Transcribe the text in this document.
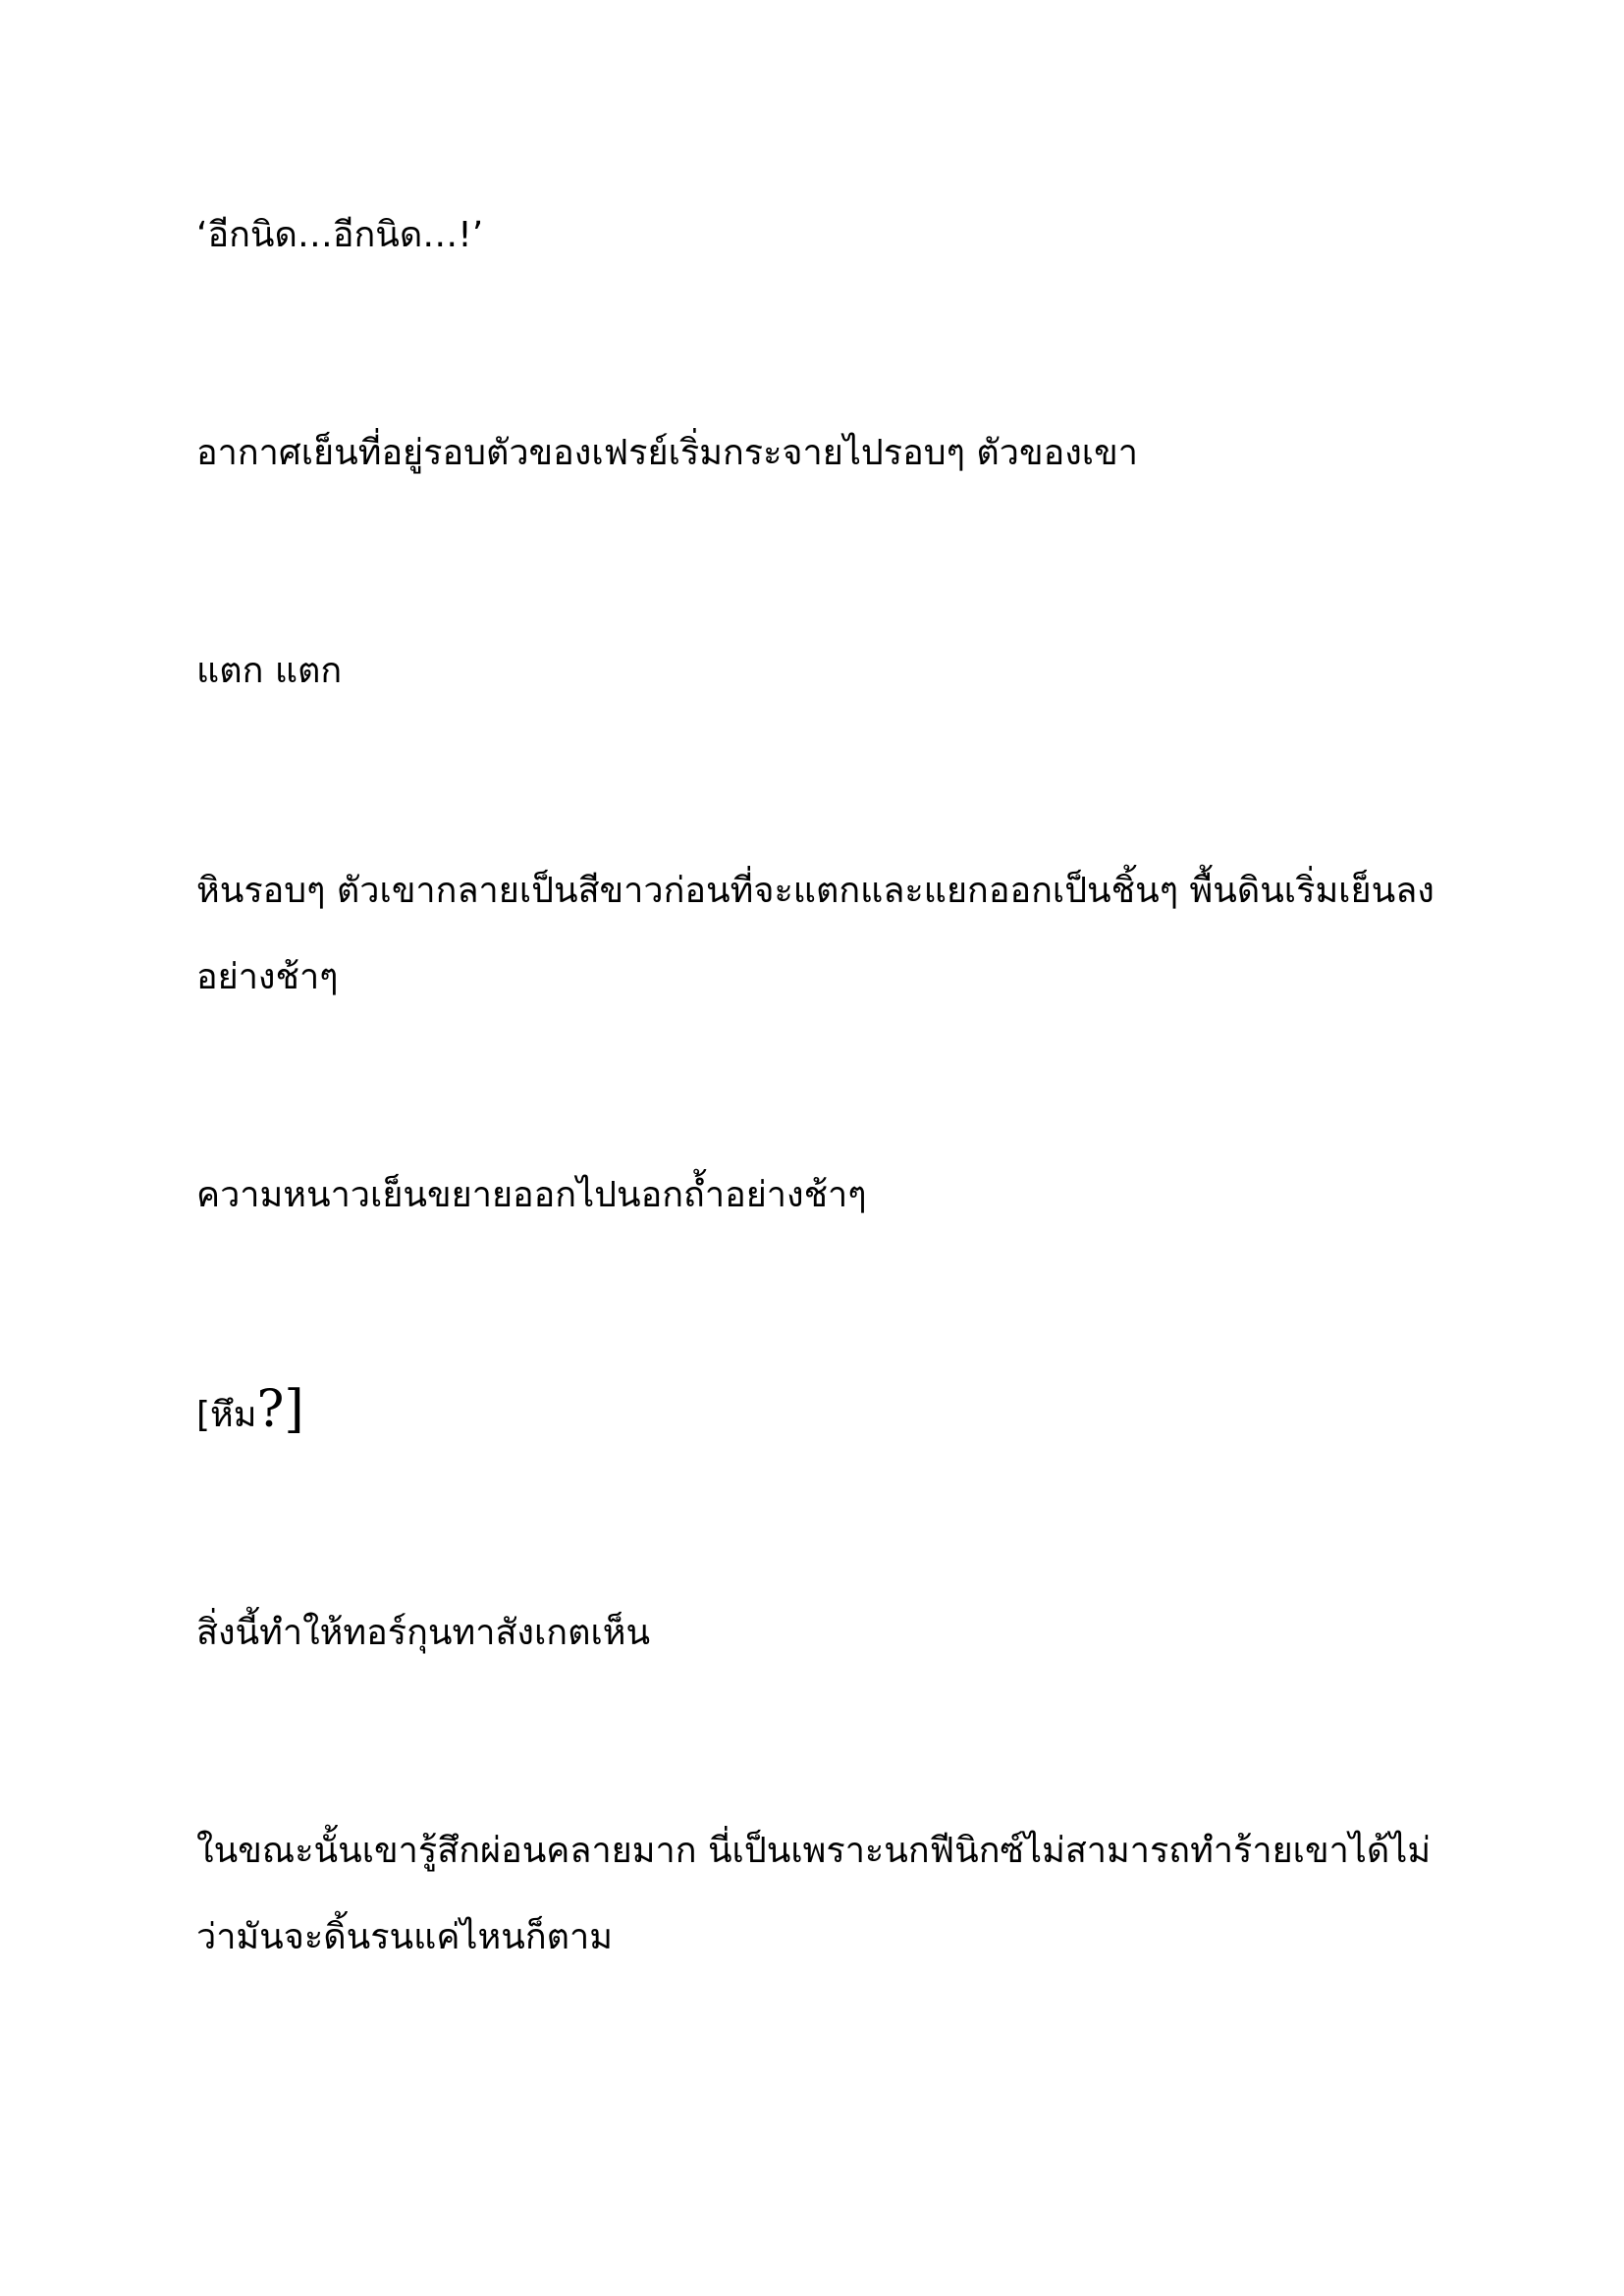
‘อีกนิด…อีกนิด…!’

อากาศเย็นที่อยู่รอบตัวของเฟรย์เริ่มกระจายไปรอบๆ ตัวของเขา

แตก แตก

หินรอบๆ ตัวเขากลายเป็นสีขาวก่อนที่จะแตกและแยกออกเป็นชิ้นๆ พื้นดินเริ่มเย็นลงอย่างช้าๆ

ความหนาวเย็นขยายออกไปนอกถ้ำอย่างช้าๆ

[หึม?]

สิ่งนี้ทำให้ทอร์กุนทาสังเกตเห็น

ในขณะนั้นเขารู้สึกผ่อนคลายมาก นี่เป็นเพราะนกฟีนิกซ์ไม่สามารถทำร้ายเขาได้ไม่ว่ามันจะดิ้นรนแค่ไหนก็ตาม
